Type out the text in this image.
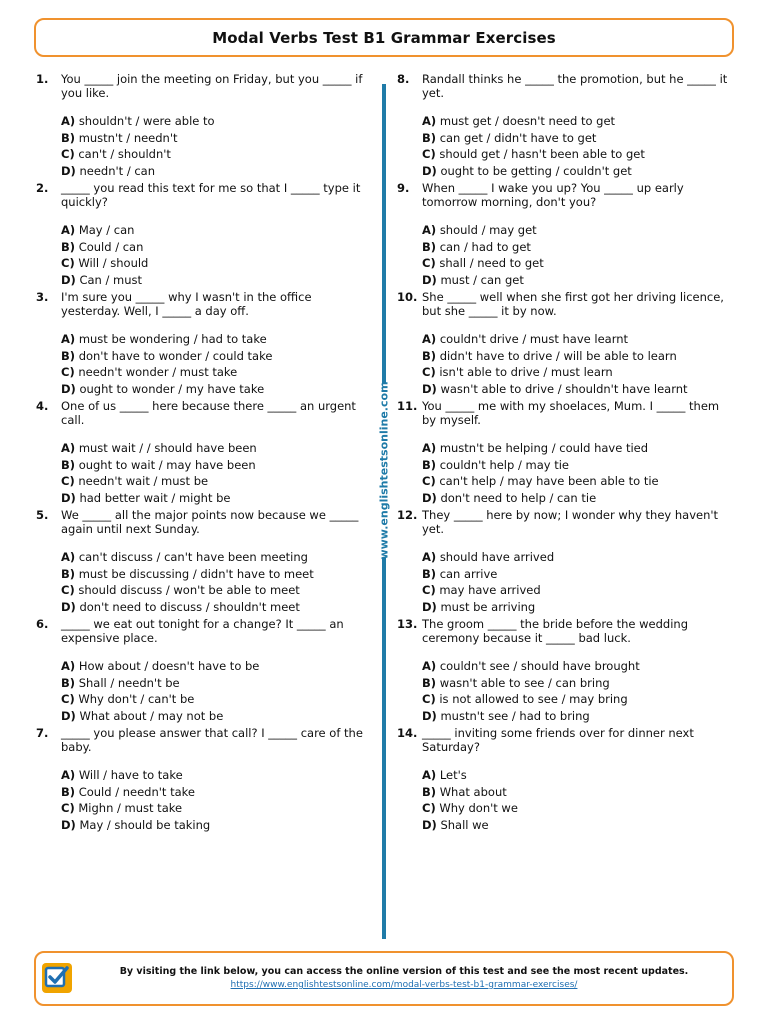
Modal Verbs Test B1 Grammar Exercises
1. You _____ join the meeting on Friday, but you _____ if you like.
A) shouldn't / were able to
B) mustn't / needn't
C) can't / shouldn't
D) needn't / can
2. _____ you read this text for me so that I _____ type it quickly?
A) May / can
B) Could / can
C) Will / should
D) Can / must
3. I'm sure you _____ why I wasn't in the office yesterday. Well, I _____ a day off.
A) must be wondering / had to take
B) don't have to wonder / could take
C) needn't wonder / must take
D) ought to wonder / my have take
4. One of us _____ here because there _____ an urgent call.
A) must wait / / should have been
B) ought to wait / may have been
C) needn't wait / must be
D) had better wait / might be
5. We _____ all the major points now because we _____ again until next Sunday.
A) can't discuss / can't have been meeting
B) must be discussing / didn't have to meet
C) should discuss / won't be able to meet
D) don't need to discuss / shouldn't meet
6. _____ we eat out tonight for a change? It _____ an expensive place.
A) How about / doesn't have to be
B) Shall / needn't be
C) Why don't / can't be
D) What about / may not be
7. _____ you please answer that call? I _____ care of the baby.
A) Will / have to take
B) Could / needn't take
C) Mighn / must take
D) May / should be taking
8. Randall thinks he _____ the promotion, but he _____ it yet.
A) must get / doesn't need to get
B) can get / didn't have to get
C) should get / hasn't been able to get
D) ought to be getting / couldn't get
9. When _____ I wake you up? You _____ up early tomorrow morning, don't you?
A) should / may get
B) can / had to get
C) shall / need to get
D) must / can get
10. She _____ well when she first got her driving licence, but she _____ it by now.
A) couldn't drive / must have learnt
B) didn't have to drive / will be able to learn
C) isn't able to drive / must learn
D) wasn't able to drive / shouldn't have learnt
11. You _____ me with my shoelaces, Mum. I _____ them by myself.
A) mustn't be helping / could have tied
B) couldn't help / may tie
C) can't help / may have been able to tie
D) don't need to help / can tie
12. They _____ here by now; I wonder why they haven't yet.
A) should have arrived
B) can arrive
C) may have arrived
D) must be arriving
13. The groom _____ the bride before the wedding ceremony because it _____ bad luck.
A) couldn't see / should have brought
B) wasn't able to see / can bring
C) is not allowed to see / may bring
D) mustn't see / had to bring
14. _____ inviting some friends over for dinner next Saturday?
A) Let's
B) What about
C) Why don't we
D) Shall we
www.englishtestsonline.com
By visiting the link below, you can access the online version of this test and see the most recent updates.
https://www.englishtestsonline.com/modal-verbs-test-b1-grammar-exercises/
